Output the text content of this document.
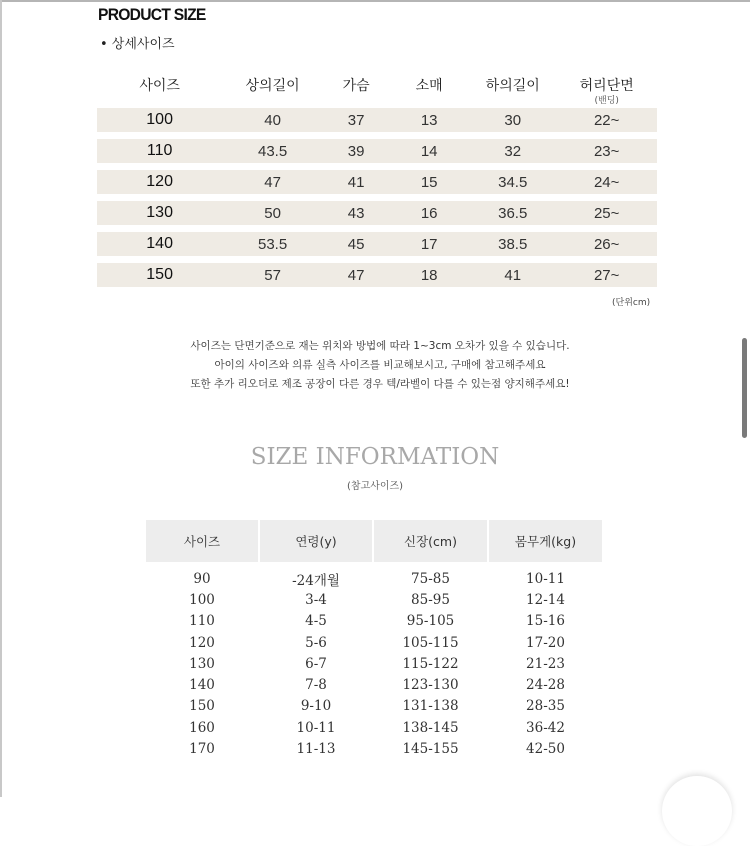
PRODUCT SIZE
• 상세사이즈
사이즈	상의길이	가슴	소매	하의길이	허리단면
(밴딩)
100	40	37	13	30	22~
110	43.5	39	14	32	23~
120	47	41	15	34.5	24~
130	50	43	16	36.5	25~
140	53.5	45	17	38.5	26~
150	57	47	18	41	27~
(단위cm)
사이즈는 단면기준으로 재는 위치와 방법에 따라 1~3cm 오차가 있을 수 있습니다.
아이의 사이즈와 의류 실측 사이즈를 비교해보시고, 구매에 참고해주세요
또한 추가 리오더로 제조 공장이 다른 경우 텍/라벨이 다를 수 있는점 양지해주세요!
SIZE INFORMATION
(참고사이즈)
사이즈	연령(y)	신장(cm)	몸무게(kg)
90	-24개월	75-85	10-11
100	3-4	85-95	12-14
110	4-5	95-105	15-16
120	5-6	105-115	17-20
130	6-7	115-122	21-23
140	7-8	123-130	24-28
150	9-10	131-138	28-35
160	10-11	138-145	36-42
170	11-13	145-155	42-50
